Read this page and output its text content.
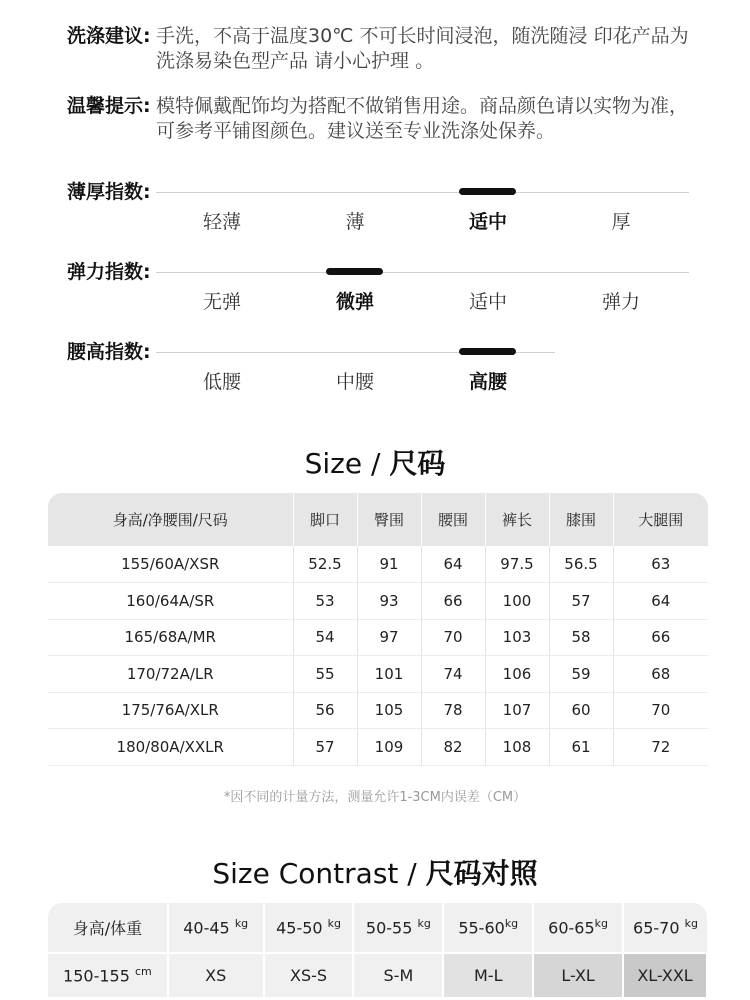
洗涤建议: 手洗，不高于温度30℃ 不可长时间浸泡，随洗随浸 印花产品为洗涤易染色型产品 请小心护理 。
温馨提示: 模特佩戴配饰均为搭配不做销售用途。商品颜色请以实物为准，可参考平铺图颜色。建议送至专业洗涤处保养。
薄厚指数:
轻薄	薄	适中	厚
弹力指数:
无弹	微弹	适中	弹力
腰高指数:
低腰	中腰	高腰
Size / 尺码
身高/净腰围/尺码	脚口	臀围	腰围	裤长	膝围	大腿围
155/60A/XSR	52.5	91	64	97.5	56.5	63
160/64A/SR	53	93	66	100	57	64
165/68A/MR	54	97	70	103	58	66
170/72A/LR	55	101	74	106	59	68
175/76A/XLR	56	105	78	107	60	70
180/80A/XXLR	57	109	82	108	61	72
*因不同的计量方法，测量允许1-3CM内误差（CM）
Size Contrast / 尺码对照
身高/体重	40-45 $^{kg}$	45-50 $^{kg}$	50-55 $^{kg}$	$55-60^{kg}$	$60-65^{kg}$	65-70 $^{kg}$
150-155 $^{cm}$	XS	XS-S	S-M	M-L	L-XL	XL-XXL
